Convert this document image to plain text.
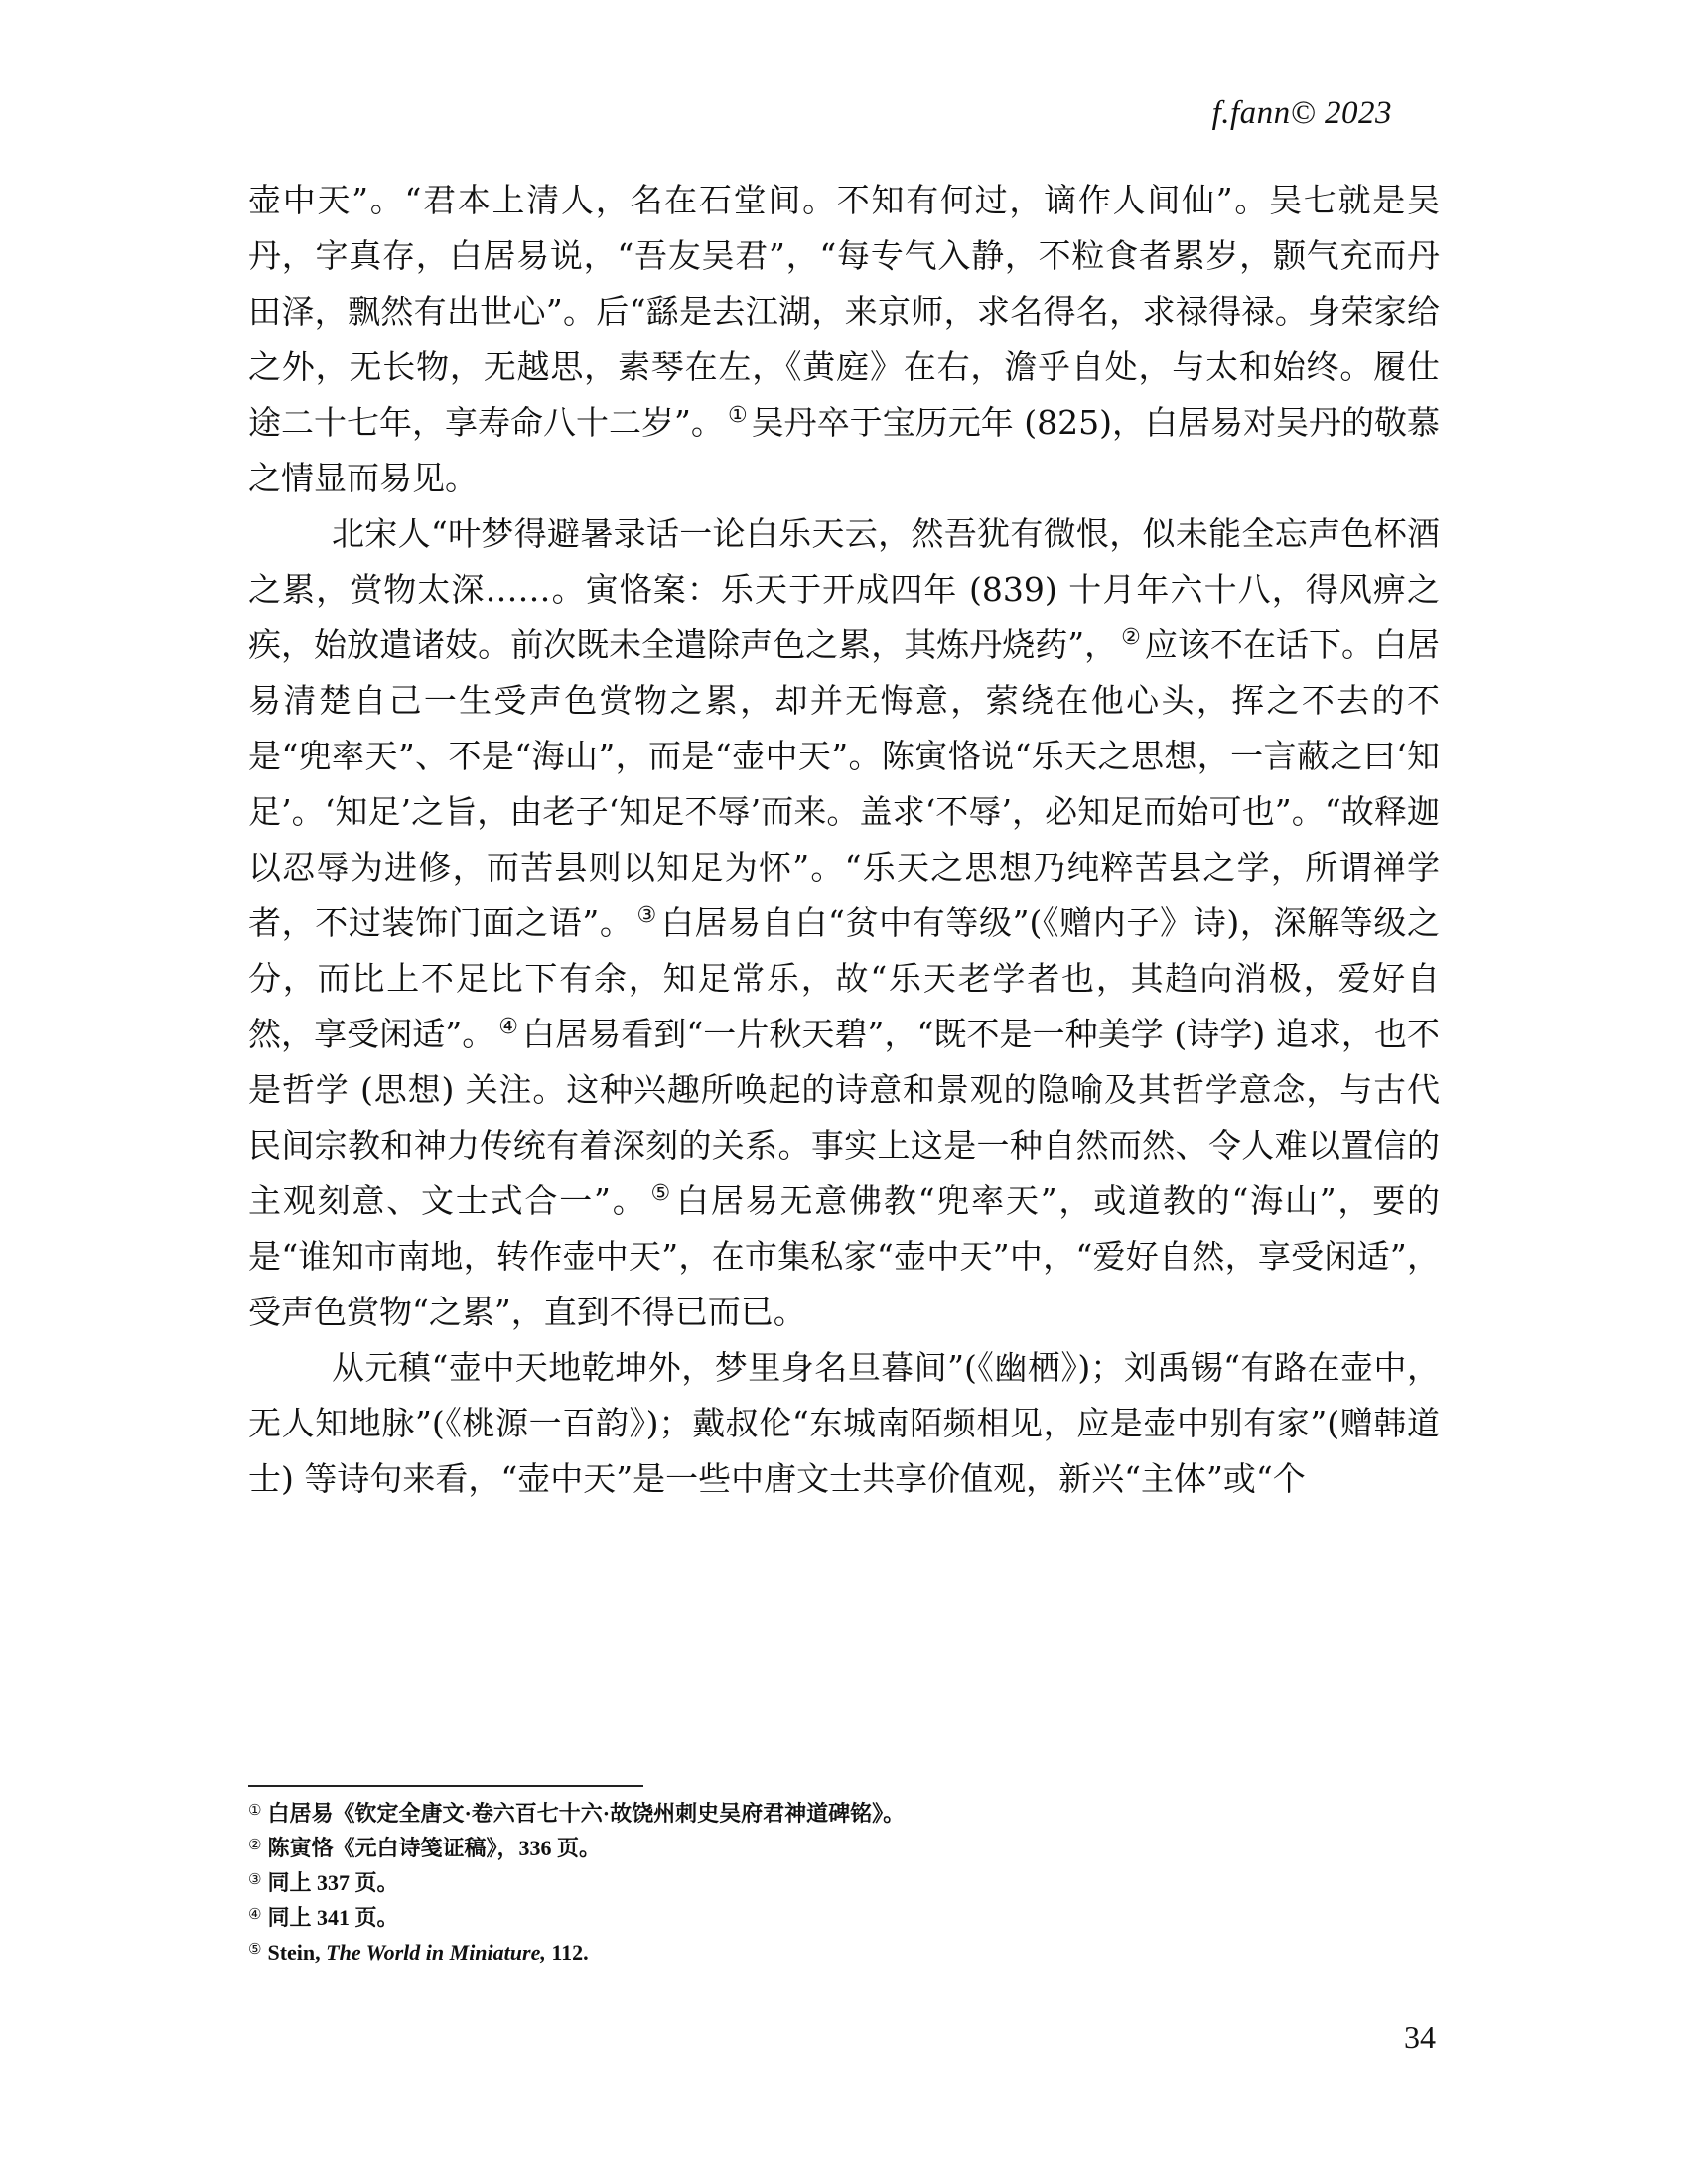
f.fann© 2023

壶中天”。“君本上清人，名在石堂间。不知有何过，谪作人间仙”。吴七就是吴丹，字真存，白居易说，“吾友吴君”，“每专气入静，不粒食者累岁，颢气充而丹田泽，飘然有出世心”。后“繇是去江湖，来京师，求名得名，求禄得禄。身荣家给之外，无长物，无越思，素琴在左，《黄庭》在右，澹乎自处，与太和始终。履仕途二十七年，享寿命八十二岁”。 ① 吴丹卒于宝历元年 (825)，白居易对吴丹的敬慕之情显而易见。

北宋人“叶梦得避暑录话一论白乐天云，然吾犹有微恨，似未能全忘声色杯酒之累，赏物太深……。寅恪案：乐天于开成四年 (839) 十月年六十八，得风痹之疾，始放遣诸妓。前次既未全遣除声色之累，其炼丹烧药”， ② 应该不在话下。白居易清楚自己一生受声色赏物之累，却并无悔意，萦绕在他心头，挥之不去的不是“兜率天”、不是“海山”，而是“壶中天”。陈寅恪说“乐天之思想，一言蔽之曰‘知足’。‘知足’之旨，由老子‘知足不辱’而来。盖求‘不辱’，必知足而始可也”。“故释迦以忍辱为进修，而苦县则以知足为怀”。“乐天之思想乃纯粹苦县之学，所谓禅学者，不过装饰门面之语”。 ③ 白居易自白“贫中有等级”(《赠内子》诗)，深解等级之分，而比上不足比下有余，知足常乐，故“乐天老学者也，其趋向消极，爱好自然，享受闲适”。 ④ 白居易看到“一片秋天碧”，“既不是一种美学 (诗学) 追求，也不是哲学 (思想) 关注。这种兴趣所唤起的诗意和景观的隐喻及其哲学意念，与古代民间宗教和神力传统有着深刻的关系。事实上这是一种自然而然、令人难以置信的主观刻意、文士式合一”。 ⑤ 白居易无意佛教“兜率天”，或道教的“海山”，要的是“谁知市南地，转作壶中天”，在市集私家“壶中天”中，“爱好自然，享受闲适”，受声色赏物“之累”，直到不得已而已。

从元稹“壶中天地乾坤外，梦里身名旦暮间”(《幽栖》)；刘禹锡“有路在壶中，无人知地脉”(《桃源一百韵》)；戴叔伦“东城南陌频相见，应是壶中别有家”(赠韩道士) 等诗句来看，“壶中天”是一些中唐文士共享价值观，新兴“主体”或“个

① 白居易《钦定全唐文·卷六百七十六·故饶州刺史吴府君神道碑铭》。
② 陈寅恪《元白诗笺证稿》，336 页。
③ 同上 337 页。
④ 同上 341 页。
⑤ Stein, The World in Miniature, 112.
34
